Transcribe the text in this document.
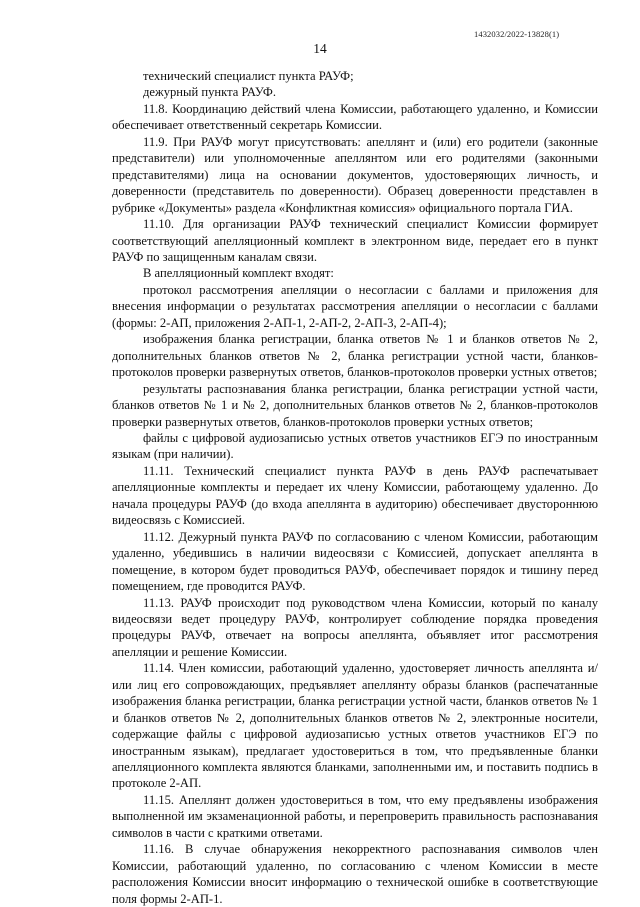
1432032/2022-13828(1)
14

технический специалист пункта РАУФ;

дежурный пункта РАУФ.

11.8. Координацию действий члена Комиссии, работающего удаленно, и Комиссии обеспечивает ответственный секретарь Комиссии.

11.9. При РАУФ могут присутствовать: апеллянт и (или) его родители (законные представители) или уполномоченные апеллянтом или его родителями (законными представителями) лица на основании документов, удостоверяющих личность, и доверенности (представитель по доверенности). Образец доверенности представлен в рубрике «Документы» раздела «Конфликтная комиссия» официального портала ГИА.

11.10. Для организации РАУФ технический специалист Комиссии формирует соответствующий апелляционный комплект в электронном виде, передает его в пункт РАУФ по защищенным каналам связи.

В апелляционный комплект входят:

протокол рассмотрения апелляции о несогласии с баллами и приложения для внесения информации о результатах рассмотрения апелляции о несогласии с баллами (формы: 2-АП, приложения 2-АП-1, 2-АП-2, 2-АП-3, 2-АП-4);

изображения бланка регистрации, бланка ответов № 1 и бланков ответов № 2, дополнительных бланков ответов № 2, бланка регистрации устной части, бланков-протоколов проверки развернутых ответов, бланков-протоколов проверки устных ответов;

результаты распознавания бланка регистрации, бланка регистрации устной части, бланков ответов № 1 и № 2, дополнительных бланков ответов № 2, бланков-протоколов проверки развернутых ответов, бланков-протоколов проверки устных ответов;

файлы с цифровой аудиозаписью устных ответов участников ЕГЭ по иностранным языкам (при наличии).

11.11. Технический специалист пункта РАУФ в день РАУФ распечатывает апелляционные комплекты и передает их члену Комиссии, работающему удаленно. До начала процедуры РАУФ (до входа апеллянта в аудиторию) обеспечивает двустороннюю видеосвязь с Комиссией.

11.12. Дежурный пункта РАУФ по согласованию с членом Комиссии, работающим удаленно, убедившись в наличии видеосвязи с Комиссией, допускает апеллянта в помещение, в котором будет проводиться РАУФ, обеспечивает порядок и тишину перед помещением, где проводится РАУФ.

11.13. РАУФ происходит под руководством члена Комиссии, который по каналу видеосвязи ведет процедуру РАУФ, контролирует соблюдение порядка проведения процедуры РАУФ, отвечает на вопросы апеллянта, объявляет итог рассмотрения апелляции и решение Комиссии.

11.14. Член комиссии, работающий удаленно, удостоверяет личность апеллянта и/или лиц его сопровождающих, предъявляет апеллянту образы бланков (распечатанные изображения бланка регистрации, бланка регистрации устной части, бланков ответов № 1 и бланков ответов № 2, дополнительных бланков ответов № 2, электронные носители, содержащие файлы с цифровой аудиозаписью устных ответов участников ЕГЭ по иностранным языкам), предлагает удостовериться в том, что предъявленные бланки апелляционного комплекта являются бланками, заполненными им, и поставить подпись в протоколе 2-АП.

11.15. Апеллянт должен удостовериться в том, что ему предъявлены изображения выполненной им экзаменационной работы, и перепроверить правильность распознавания символов в части с краткими ответами.

11.16. В случае обнаружения некорректного распознавания символов член Комиссии, работающий удаленно, по согласованию с членом Комиссии в месте расположения Комиссии вносит информацию о технической ошибке в соответствующие поля формы 2-АП-1.
